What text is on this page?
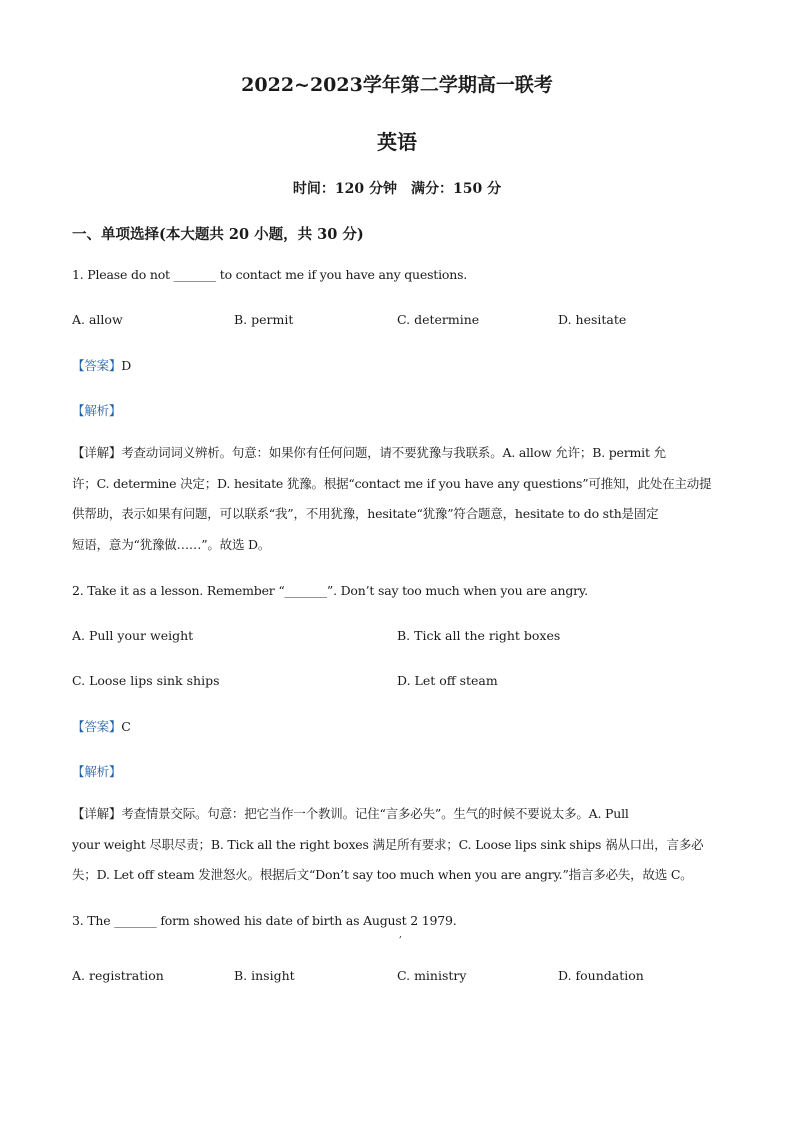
2022~2023学年第二学期高一联考
英语
时间：120 分钟　满分：150 分
一、单项选择(本大题共 20 小题，共 30 分)
1. Please do not _______ to contact me if you have any questions.
A. allow	B. permit	C. determine	D. hesitate
【答案】D
【解析】
【详解】考查动词词义辨析。句意：如果你有任何问题，请不要犹豫与我联系。A. allow 允许；B. permit 允
许；C. determine 决定；D. hesitate 犹豫。根据“contact me if you have any questions”可推知，此处在主动提
供帮助，表示如果有问题，可以联系“我”，不用犹豫，hesitate“犹豫”符合题意，hesitate to do sth是固定
短语，意为“犹豫做……”。故选 D。
2. Take it as a lesson. Remember “_______”. Don’t say too much when you are angry.
A. Pull your weight	B. Tick all the right boxes
C. Loose lips sink ships	D. Let off steam
【答案】C
【解析】
【详解】考查情景交际。句意：把它当作一个教训。记住“言多必失”。生气的时候不要说太多。A. Pull
your weight 尽职尽责；B. Tick all the right boxes 满足所有要求；C. Loose lips sink ships 祸从口出，言多必
失；D. Let off steam 发泄怒火。根据后文“Don’t say too much when you are angry.”指言多必失，故选 C。
3. The _______ form showed his date of birth as August 2 1979.
,
A. registration	B. insight	C. ministry	D. foundation
